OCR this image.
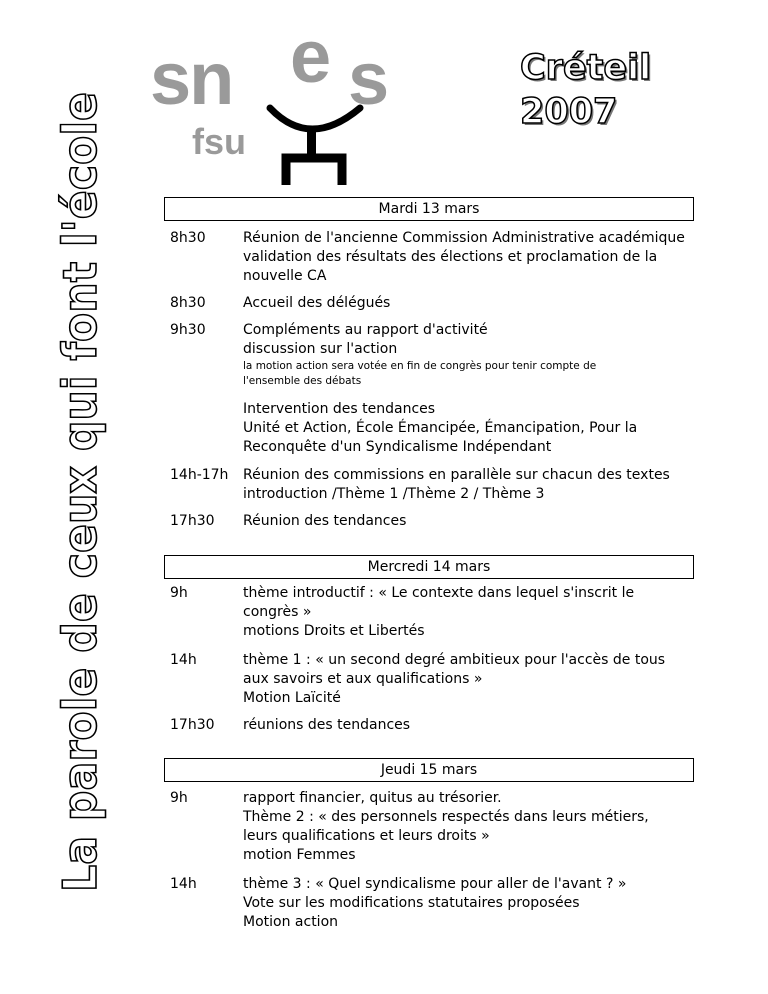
La parole de ceux qui font l'école sn e s
fsu
Créteil
2007
Mardi 13 mars
8h30	Réunion de l'ancienne Commission Administrative académique
validation des résultats des élections et proclamation de la
nouvelle CA
8h30	Accueil des délégués
9h30	Compléments au rapport d'activité
discussion sur l'action
la motion action sera votée en fin de congrès pour tenir compte de
l'ensemble des débats
Intervention des tendances
Unité et Action, École Émancipée, Émancipation, Pour la
Reconquête d'un Syndicalisme Indépendant
14h-17h	Réunion des commissions en parallèle sur chacun des textes
introduction /Thème 1 /Thème 2 / Thème 3
17h30	Réunion des tendances
Mercredi 14 mars
9h	thème introductif : « Le contexte dans lequel s'inscrit le
congrès »
motions Droits et Libertés
14h	thème 1 : « un second degré ambitieux pour l'accès de tous
aux savoirs et aux qualifications »
Motion Laïcité
17h30	réunions des tendances
Jeudi 15 mars
9h	rapport financier, quitus au trésorier.
Thème 2 : « des personnels respectés dans leurs métiers,
leurs qualifications et leurs droits »
motion Femmes
14h	thème 3 : « Quel syndicalisme pour aller de l'avant ? »
Vote sur les modifications statutaires proposées
Motion action
